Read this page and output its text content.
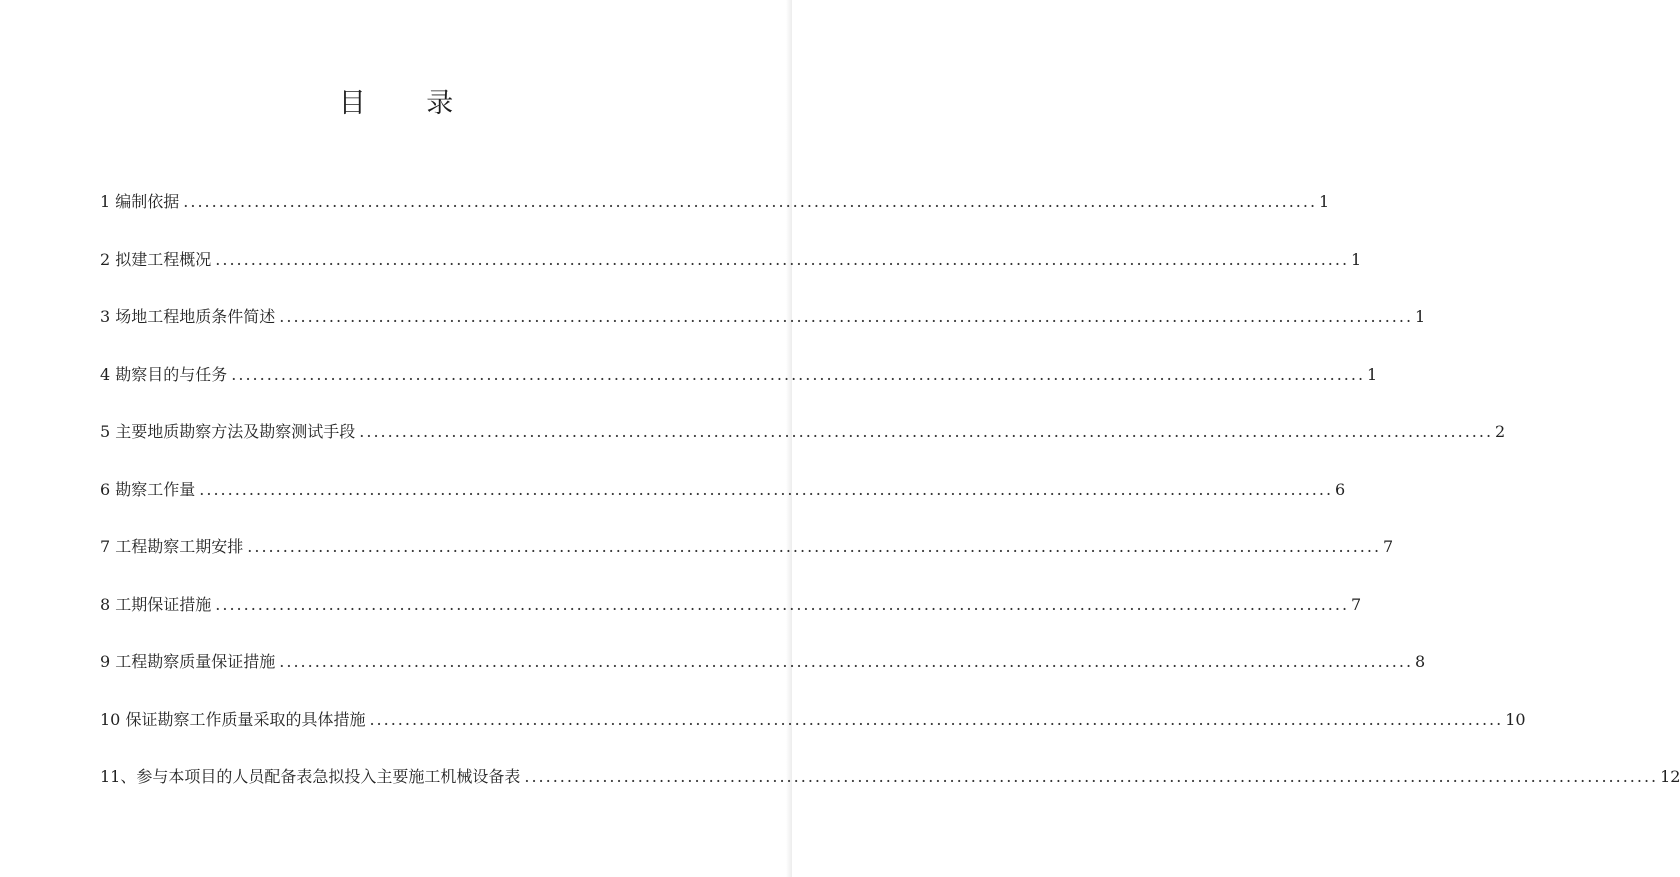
目 录
1 编制依据 ................................................................................................................................................................ 1
2 拟建工程概况 ................................................................................................................................................................ 1
3 场地工程地质条件简述 ................................................................................................................................................................ 1
4 勘察目的与任务 ................................................................................................................................................................ 1
5 主要地质勘察方法及勘察测试手段 ................................................................................................................................................................ 2
6 勘察工作量 ................................................................................................................................................................ 6
7 工程勘察工期安排 ................................................................................................................................................................ 7
8 工期保证措施 ................................................................................................................................................................ 7
9 工程勘察质量保证措施 ................................................................................................................................................................ 8
10 保证勘察工作质量采取的具体措施 ................................................................................................................................................................ 10
11、参与本项目的人员配备表急拟投入主要施工机械设备表 ................................................................................................................................................................ 12
